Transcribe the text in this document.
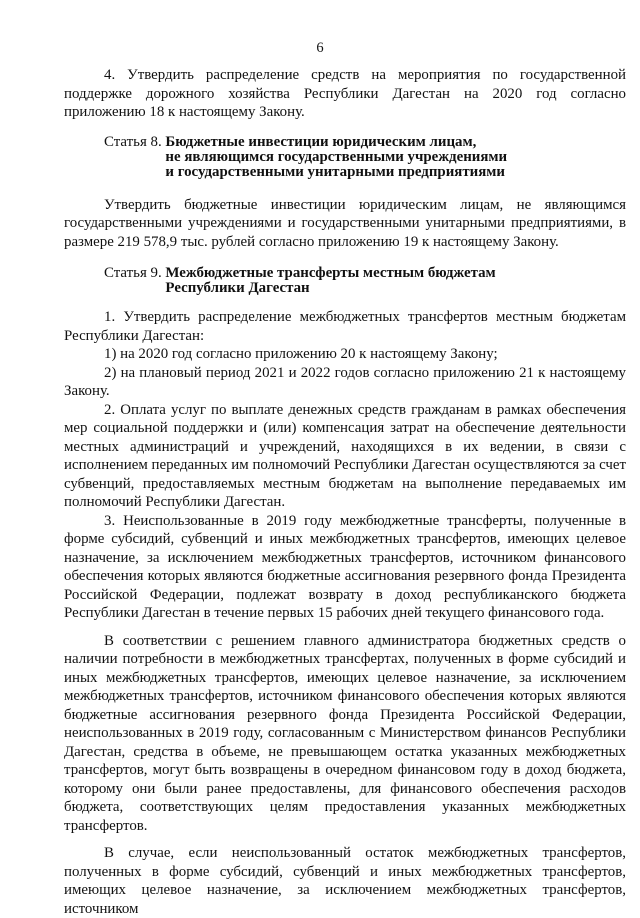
6

4. Утвердить распределение средств на мероприятия по государственной поддержке дорожного хозяйства Республики Дагестан на 2020 год согласно приложению 18 к настоящему Закону.

Статья 8. Бюджетные инвестиции юридическим лицам,
не являющимся государственными учреждениями
и государственными унитарными предприятиями

Утвердить бюджетные инвестиции юридическим лицам, не являющимся государственными учреждениями и государственными унитарными предприятиями, в размере 219 578,9 тыс. рублей согласно приложению 19 к настоящему Закону.

Статья 9. Межбюджетные трансферты местным бюджетам
Республики Дагестан

1. Утвердить распределение межбюджетных трансфертов местным бюджетам Республики Дагестан:

1) на 2020 год согласно приложению 20 к настоящему Закону;

2) на плановый период 2021 и 2022 годов согласно приложению 21 к настоящему Закону.

2. Оплата услуг по выплате денежных средств гражданам в рамках обеспечения мер социальной поддержки и (или) компенсация затрат на обеспечение деятельности местных администраций и учреждений, находящихся в их ведении, в связи с исполнением переданных им полномочий Республики Дагестан осуществляются за счет субвенций, предоставляемых местным бюджетам на выполнение передаваемых им полномочий Республики Дагестан.

3. Неиспользованные в 2019 году межбюджетные трансферты, полученные в форме субсидий, субвенций и иных межбюджетных трансфертов, имеющих целевое назначение, за исключением межбюджетных трансфертов, источником финансового обеспечения которых являются бюджетные ассигнования резервного фонда Президента Российской Федерации, подлежат возврату в доход республиканского бюджета Республики Дагестан в течение первых 15 рабочих дней текущего финансового года.

В соответствии с решением главного администратора бюджетных средств о наличии потребности в межбюджетных трансфертах, полученных в форме субсидий и иных межбюджетных трансфертов, имеющих целевое назначение, за исключением межбюджетных трансфертов, источником финансового обеспечения которых являются бюджетные ассигнования резервного фонда Президента Российской Федерации, неиспользованных в 2019 году, согласованным с Министерством финансов Республики Дагестан, средства в объеме, не превышающем остатка указанных межбюджетных трансфертов, могут быть возвращены в очередном финансовом году в доход бюджета, которому они были ранее предоставлены, для финансового обеспечения расходов бюджета, соответствующих целям предоставления указанных межбюджетных трансфертов.

В случае, если неиспользованный остаток межбюджетных трансфертов, полученных в форме субсидий, субвенций и иных межбюджетных трансфертов, имеющих целевое назначение, за исключением межбюджетных трансфертов, источником
